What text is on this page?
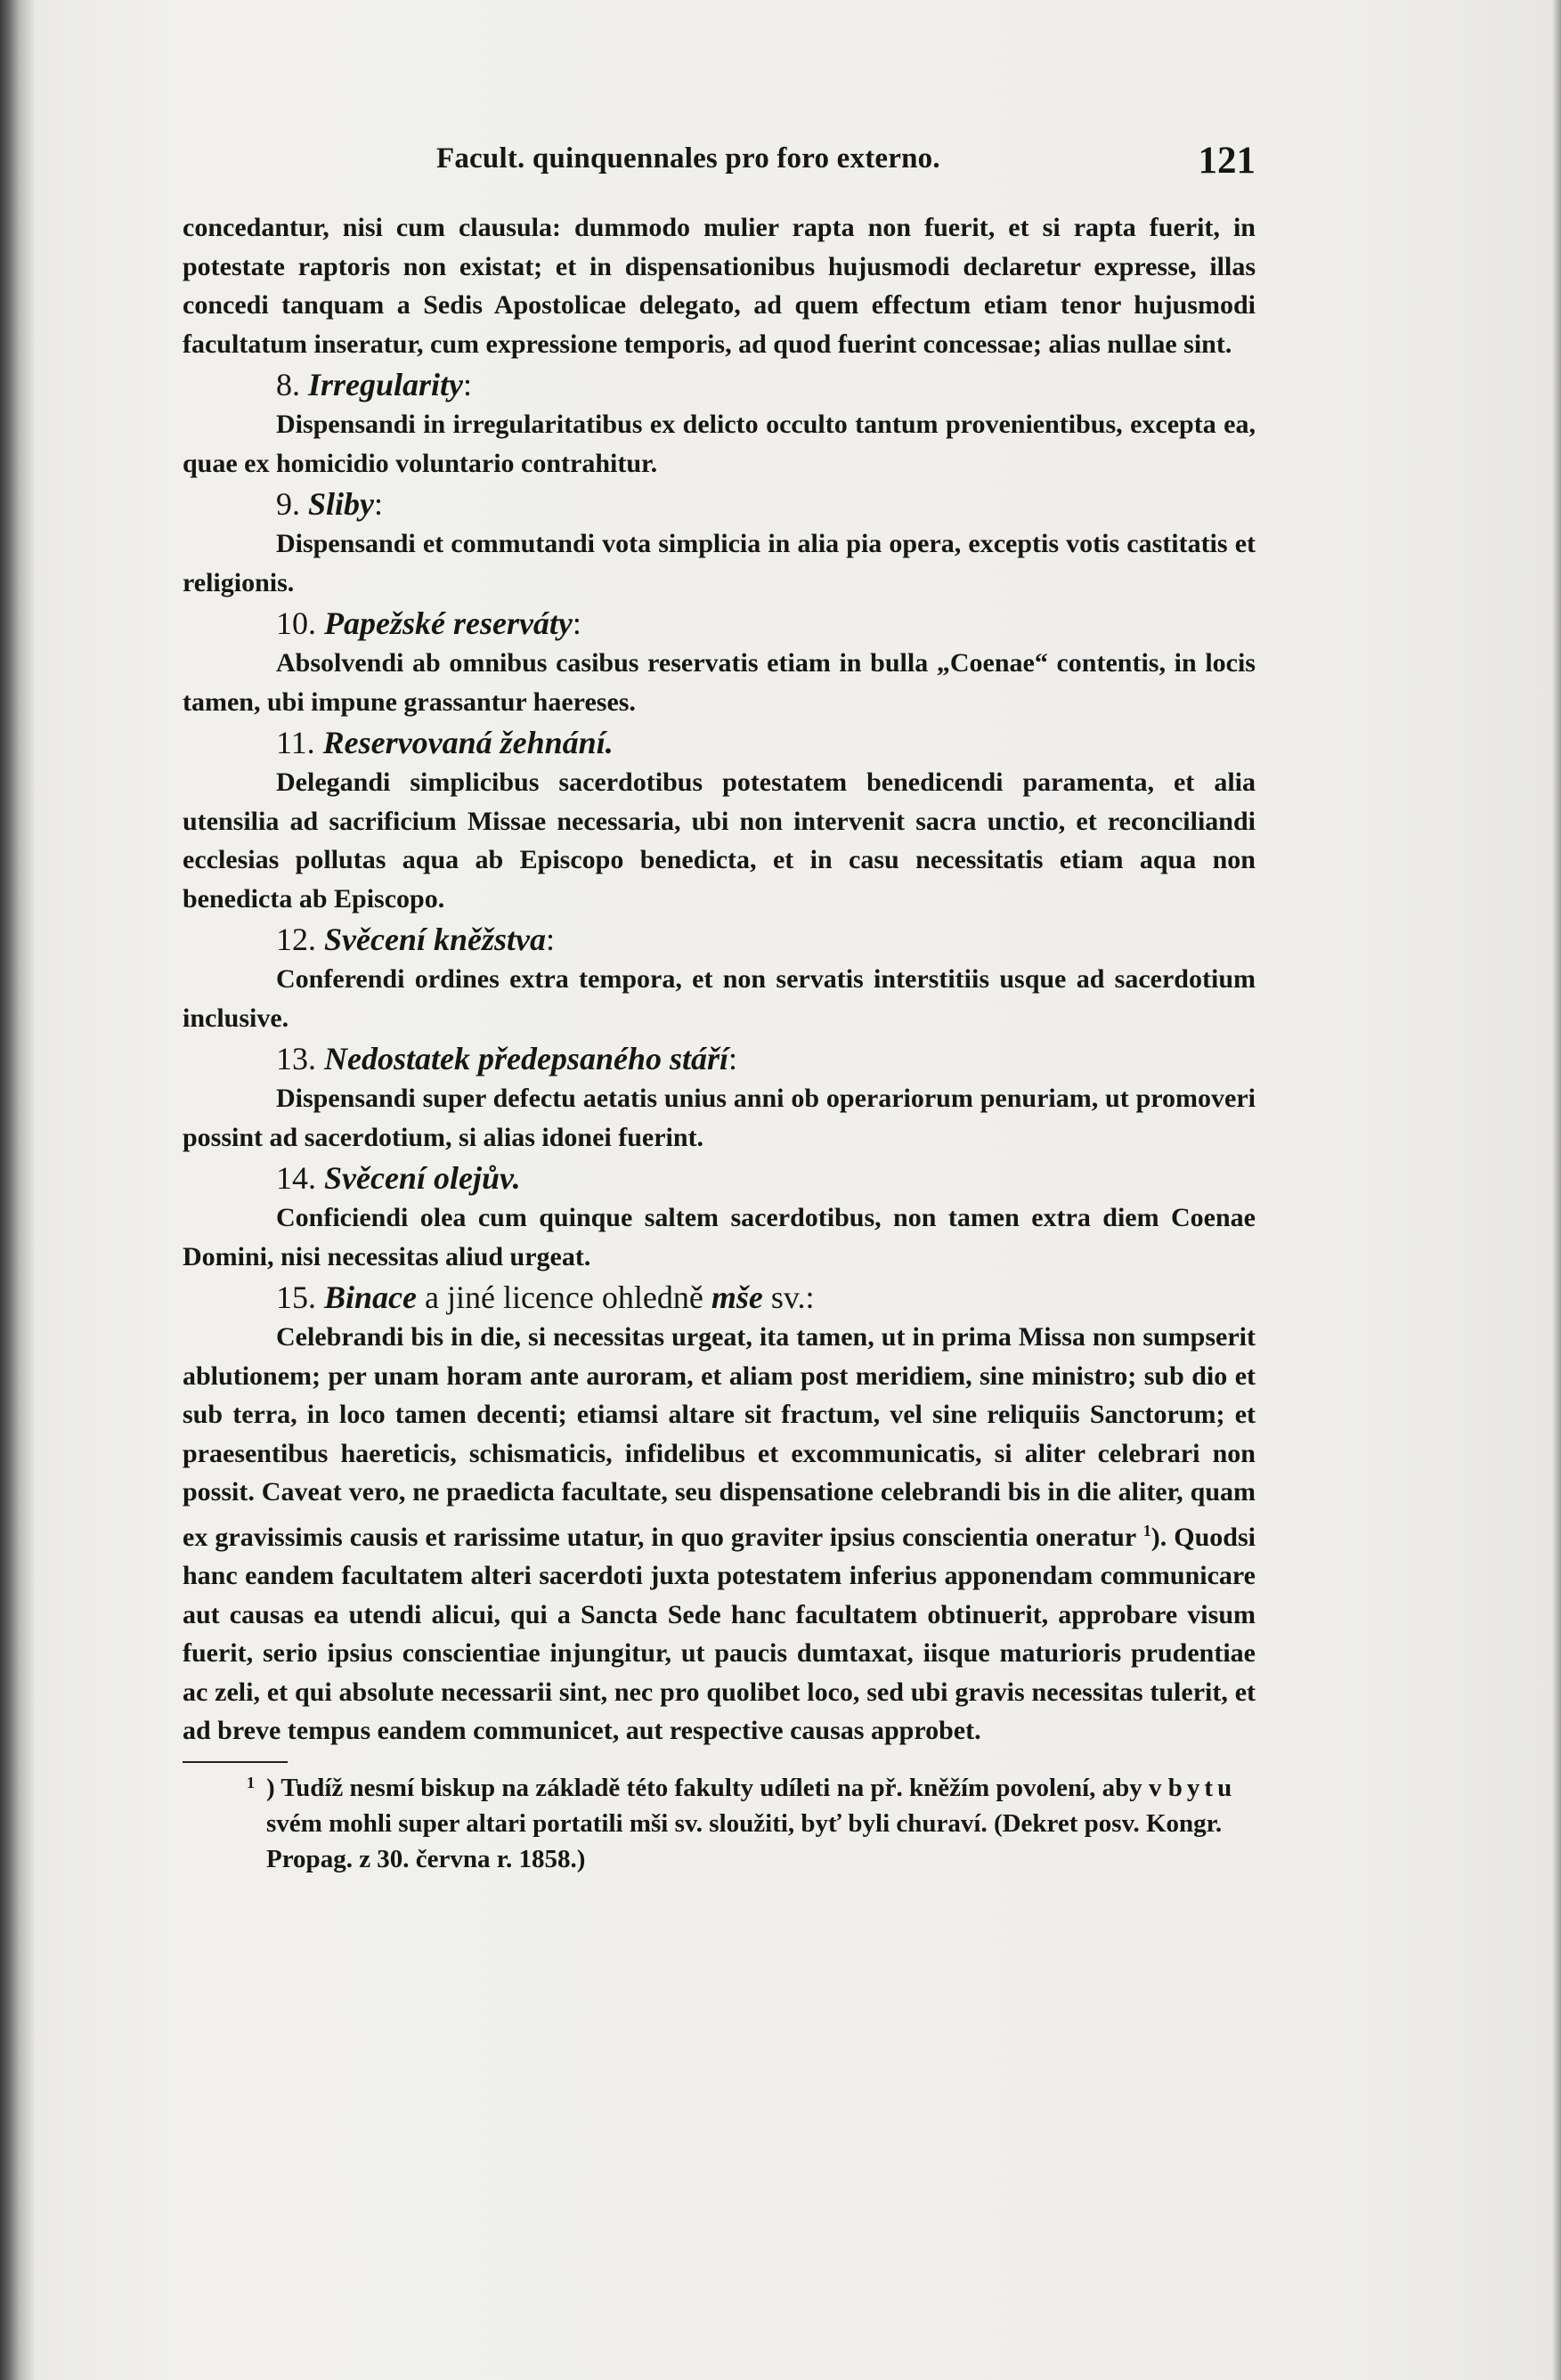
Facult. quinquennales pro foro externo.	121

concedantur, nisi cum clausula: dummodo mulier rapta non fuerit, et si rapta fuerit, in potestate raptoris non existat; et in dispensationibus hujusmodi declaretur expresse, illas concedi tanquam a Sedis Apostolicae delegato, ad quem effectum etiam tenor hujusmodi facultatum inseratur, cum expressione temporis, ad quod fuerint concessae; alias nullae sint.

8. Irregularity:

Dispensandi in irregularitatibus ex delicto occulto tantum provenientibus, excepta ea, quae ex homicidio voluntario contrahitur.

9. Sliby:

Dispensandi et commutandi vota simplicia in alia pia opera, exceptis votis castitatis et religionis.

10. Papežské reserváty:

Absolvendi ab omnibus casibus reservatis etiam in bulla „Coenae“ contentis, in locis tamen, ubi impune grassantur haereses.

11. Reservovaná žehnání.

Delegandi simplicibus sacerdotibus potestatem benedicendi paramenta, et alia utensilia ad sacrificium Missae necessaria, ubi non intervenit sacra unctio, et reconciliandi ecclesias pollutas aqua ab Episcopo benedicta, et in casu necessitatis etiam aqua non benedicta ab Episcopo.

12. Svěcení kněžstva:

Conferendi ordines extra tempora, et non servatis interstitiis usque ad sacerdotium inclusive.

13. Nedostatek předepsaného stáří:

Dispensandi super defectu aetatis unius anni ob operariorum penuriam, ut promoveri possint ad sacerdotium, si alias idonei fuerint.

14. Svěcení olejův.

Conficiendi olea cum quinque saltem sacerdotibus, non tamen extra diem Coenae Domini, nisi necessitas aliud urgeat.

15. Binace a jiné licence ohledně mše sv.:

Celebrandi bis in die, si necessitas urgeat, ita tamen, ut in prima Missa non sumpserit ablutionem; per unam horam ante auroram, et aliam post meridiem, sine ministro; sub dio et sub terra, in loco tamen decenti; etiamsi altare sit fractum, vel sine reliquiis Sanctorum; et praesentibus haereticis, schismaticis, infidelibus et excommunicatis, si aliter celebrari non possit. Caveat vero, ne praedicta facultate, seu dispensatione celebrandi bis in die aliter, quam ex gravissimis causis et rarissime utatur, in quo graviter ipsius conscientia oneratur $^1$). Quodsi hanc eandem facultatem alteri sacerdoti juxta potestatem inferius apponendam communicare aut causas ea utendi alicui, qui a Sancta Sede hanc facultatem obtinuerit, approbare visum fuerit, serio ipsius conscientiae injungitur, ut paucis dumtaxat, iisque maturioris prudentiae ac zeli, et qui absolute necessarii sint, nec pro quolibet loco, sed ubi gravis necessitas tulerit, et ad breve tempus eandem communicet, aut respective causas approbet.

1 ) Tudíž nesmí biskup na základě této fakulty udíleti na př. kněžím povolení, aby v bytu svém mohli super altari portatili mši sv. sloužiti, byť byli churaví. (Dekret posv. Kongr. Propag. z 30. června r. 1858.)
